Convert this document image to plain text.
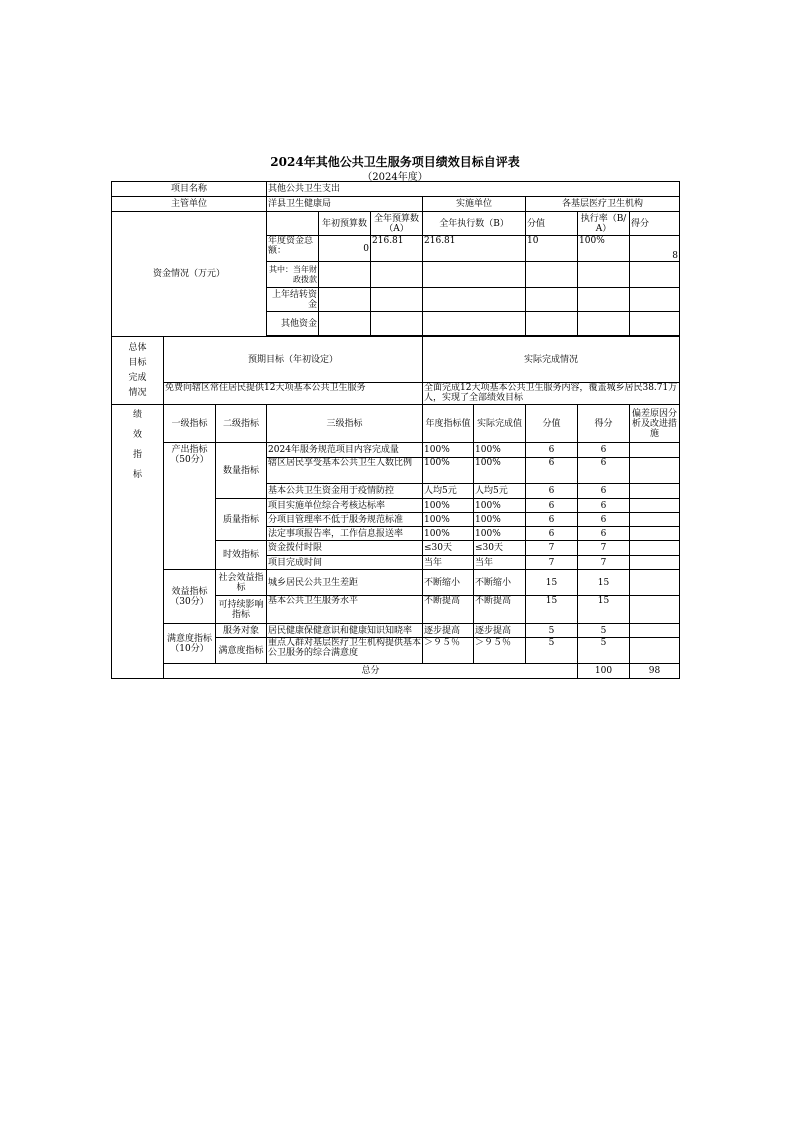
2024年其他公共卫生服务项目绩效目标自评表
（2024年度）
项目名称			其他公共卫生支出								
主管单位			洋县卫生健康局			实施单位		各基层医疗卫生机构			
资金情况（万元）				年初预算数	全年预算数（A）	全年执行数（B）		分值	执行率（B/A）	得分	
			年度资金总额：	0	216.81	216.81		10	100%	8	
			其中：当年财政拨款								
			上年结转资金								
			其他资金								

总体
目标
完成
情况	预期目标（年初设定）					实际完成情况					
	免费向辖区常住居民提供12大项基本公共卫生服务					全面完成12大项基本公共卫生服务内容，覆盖城乡居民38.71万人，实现了全部绩效目标					
绩
效
指
标	一级指标	二级指标	三级指标			年度指标值	实际完成值	分值	得分	偏差原因分析及改进措施	
	产出指标（50分）	数量指标	2024年服务规范项目内容完成量			100%	100%	6	6		
			辖区居民享受基本公共卫生人数比例			100%	100%	6	6		
			基本公共卫生资金用于疫情防控			人均5元	人均5元	6	6		
		质量指标	项目实施单位综合考核达标率			100%	100%	6	6		
			分项目管理率不低于服务规范标准			100%	100%	6	6		
			法定事项报告率，工作信息报送率			100%	100%	6	6		
		时效指标	资金拨付时限			≤30天	≤30天	7	7		
			项目完成时间			当年	当年	7	7		
	效益指标（30分）	社会效益指标	城乡居民公共卫生差距			不断缩小	不断缩小	15	15		
		可持续影响指标	基本公共卫生服务水平			不断提高	不断提高	15	15		
	满意度指标（10分）	服务对象	居民健康保健意识和健康知识知晓率			逐步提高	逐步提高	5	5		
		满意度指标	重点人群对基层医疗卫生机构提供基本公卫服务的综合满意度			＞９５％	＞９５％	5	5		
	总分								100	98	
